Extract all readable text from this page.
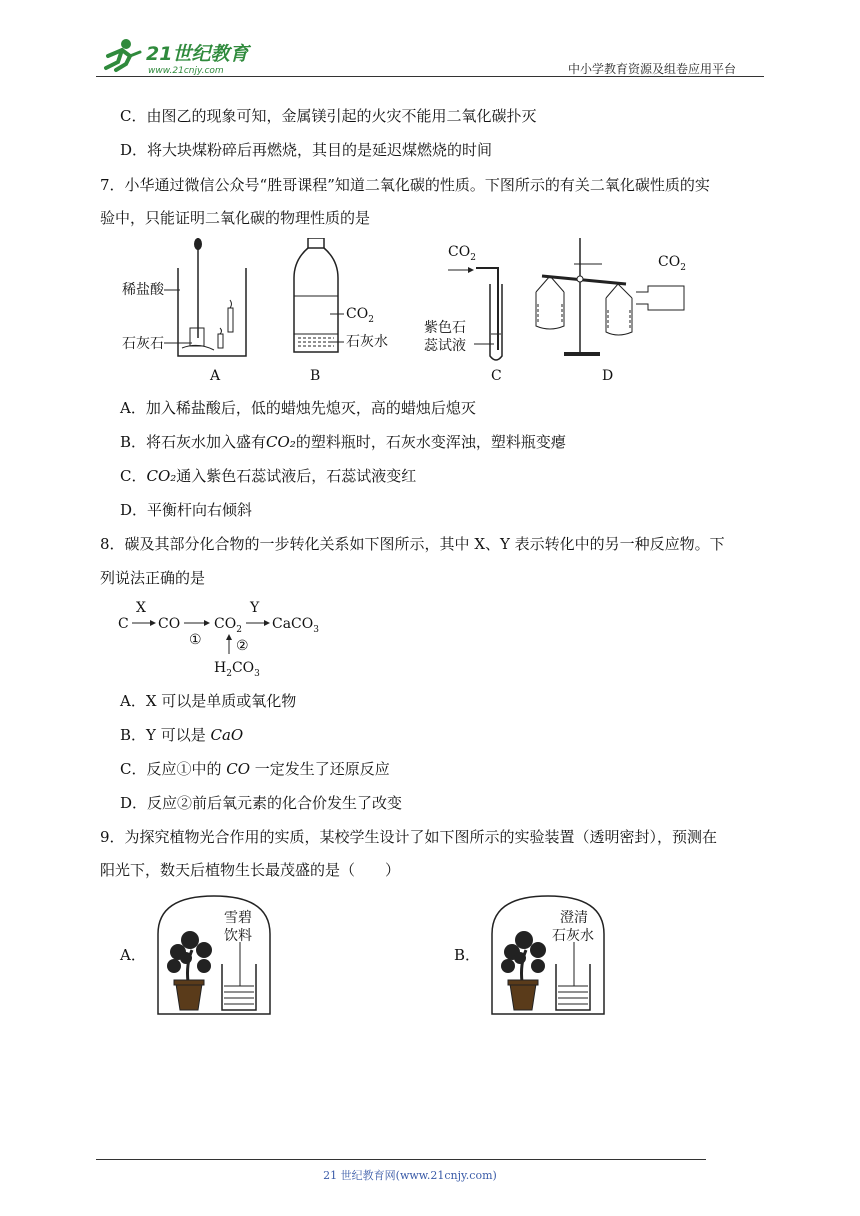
21世纪教育
www.21cnjy.com	中小学教育资源及组卷应用平台
C．由图乙的现象可知，金属镁引起的火灾不能用二氧化碳扑灭
D．将大块煤粉碎后再燃烧，其目的是延迟煤燃烧的时间
7．小华通过微信公众号“胜哥课程”知道二氧化碳的性质。下图所示的有关二氧化碳性质的实
验中，只能证明二氧化碳的物理性质的是
稀盐酸
石灰石
A
$CO_2$
石灰水
B
$CO_2$
紫色石
蕊试液
C
$CO_2$
D
A．加入稀盐酸后，低的蜡烛先熄灭，高的蜡烛后熄灭
B．将石灰水加入盛有CO₂的塑料瓶时，石灰水变浑浊，塑料瓶变瘪
C．CO₂通入紫色石蕊试液后，石蕊试液变红
D．平衡杆向右倾斜
8．碳及其部分化合物的一步转化关系如下图所示，其中 X、Y 表示转化中的另一种反应物。下
列说法正确的是
C
X
CO
①
$CO_2$
Y
CaCO$_3$
②
$H_2CO_3$
A．X 可以是单质或氧化物
B．Y 可以是 CaO
C．反应①中的 CO 一定发生了还原反应
D．反应②前后氧元素的化合价发生了改变
9．为探究植物光合作用的实质，某校学生设计了如下图所示的实验装置（透明密封），预测在
阳光下，数天后植物生长最茂盛的是（　　）
A．
雪碧
饮料
B．
澄清
石灰水
21 世纪教育网(www.21cnjy.com)
